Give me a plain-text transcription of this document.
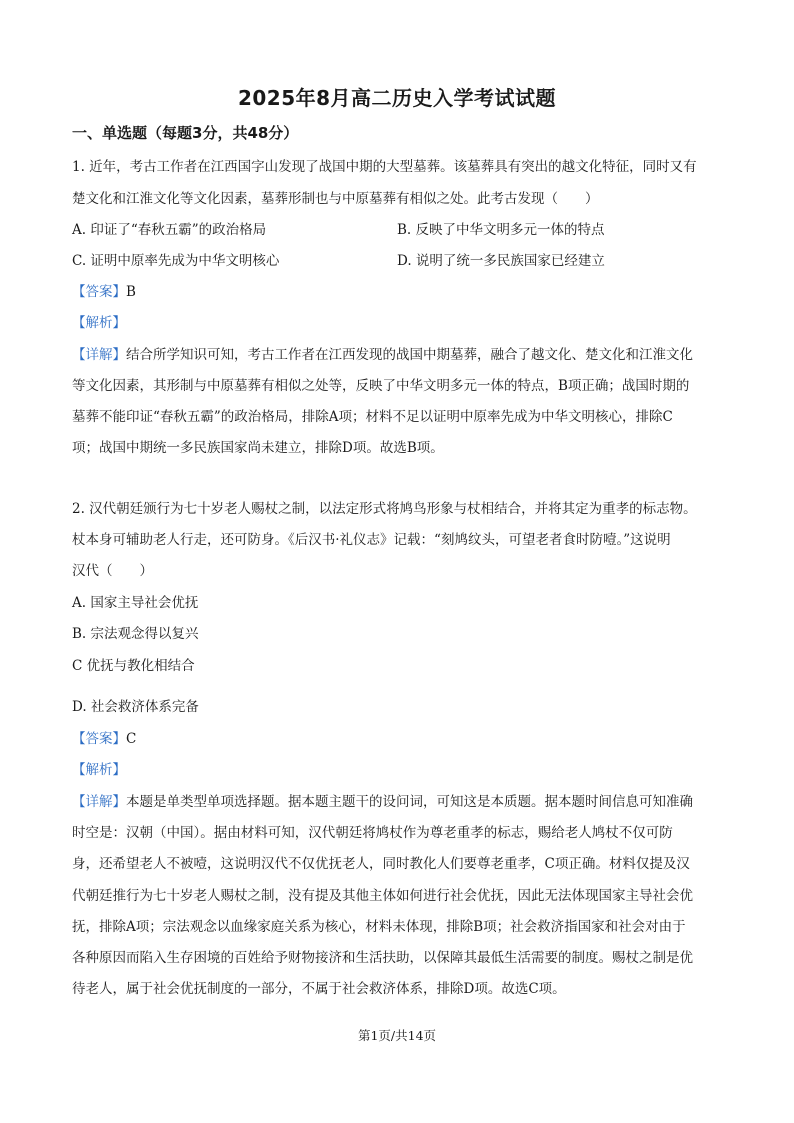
2025年8月高二历史入学考试试题
一、单选题（每题3分，共48分）
1. 近年，考古工作者在江西国字山发现了战国中期的大型墓葬。该墓葬具有突出的越文化特征，同时又有
楚文化和江淮文化等文化因素，墓葬形制也与中原墓葬有相似之处。此考古发现（　　）
A. 印证了“春秋五霸”的政治格局	B. 反映了中华文明多元一体的特点
C. 证明中原率先成为中华文明核心	D. 说明了统一多民族国家已经建立
【答案】B
【解析】
【详解】结合所学知识可知，考古工作者在江西发现的战国中期墓葬，融合了越文化、楚文化和江淮文化
等文化因素，其形制与中原墓葬有相似之处等，反映了中华文明多元一体的特点，B项正确；战国时期的
墓葬不能印证“春秋五霸”的政治格局，排除A项；材料不足以证明中原率先成为中华文明核心，排除C
项；战国中期统一多民族国家尚未建立，排除D项。故选B项。
2. 汉代朝廷颁行为七十岁老人赐杖之制，以法定形式将鸠鸟形象与杖相结合，并将其定为重孝的标志物。
杖本身可辅助老人行走，还可防身。《后汉书·礼仪志》记载：“刻鸠纹头，可望老者食时防噎。”这说明
汉代（　　）
A. 国家主导社会优抚
B. 宗法观念得以复兴
C 优抚与教化相结合
D. 社会救济体系完备
【答案】C
【解析】
【详解】本题是单类型单项选择题。据本题主题干的设问词，可知这是本质题。据本题时间信息可知准确
时空是：汉朝（中国）。据由材料可知，汉代朝廷将鸠杖作为尊老重孝的标志，赐给老人鸠杖不仅可防
身，还希望老人不被噎，这说明汉代不仅优抚老人，同时教化人们要尊老重孝，C项正确。材料仅提及汉
代朝廷推行为七十岁老人赐杖之制，没有提及其他主体如何进行社会优抚，因此无法体现国家主导社会优
抚，排除A项；宗法观念以血缘家庭关系为核心，材料未体现，排除B项；社会救济指国家和社会对由于
各种原因而陷入生存困境的百姓给予财物接济和生活扶助，以保障其最低生活需要的制度。赐杖之制是优
待老人，属于社会优抚制度的一部分，不属于社会救济体系，排除D项。故选C项。
第1页/共14页
